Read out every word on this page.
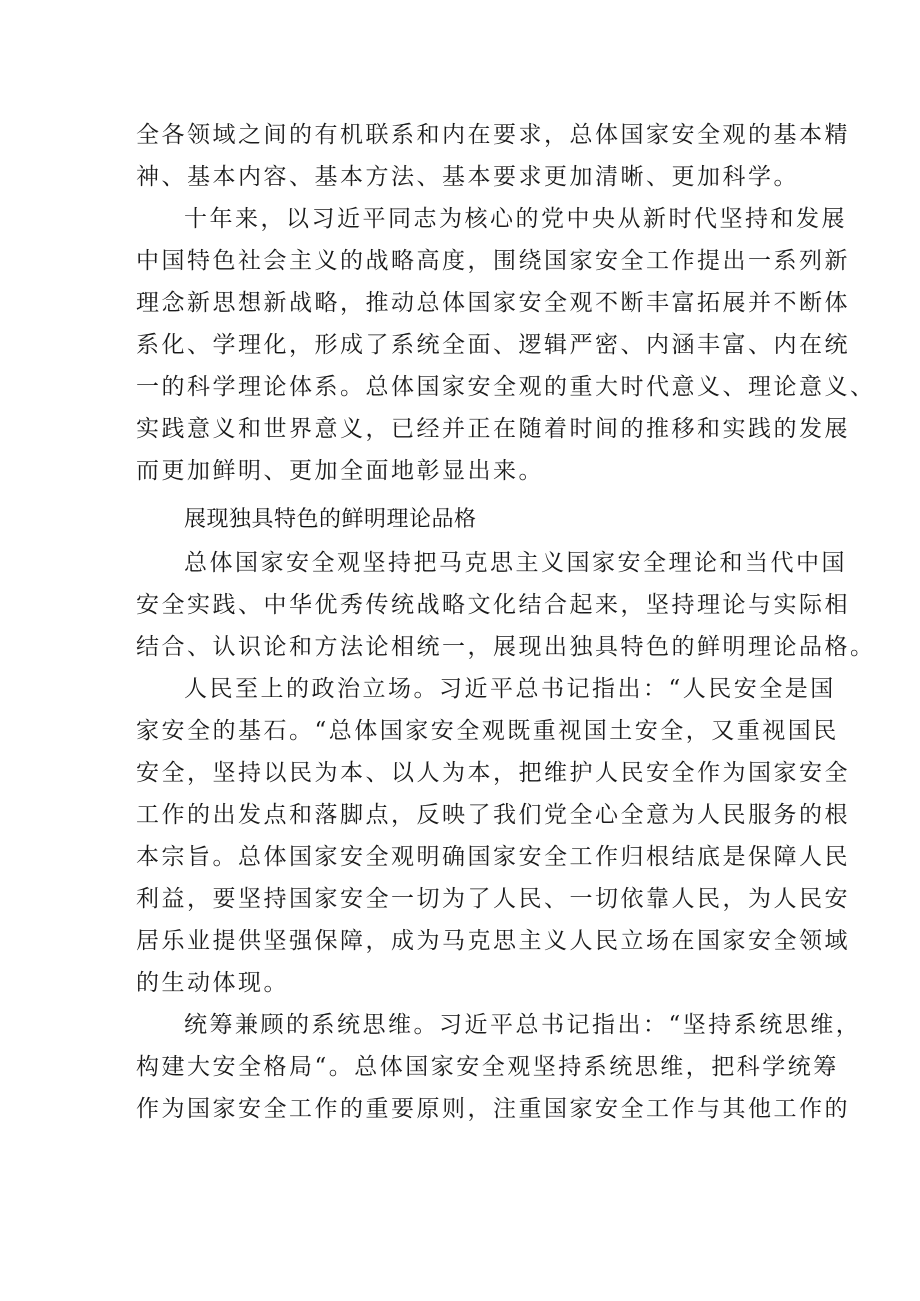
全各领域之间的有机联系和内在要求，总体国家安全观的基本精
神、基本内容、基本方法、基本要求更加清晰、更加科学。
十年来，以习近平同志为核心的党中央从新时代坚持和发展
中国特色社会主义的战略高度，围绕国家安全工作提出一系列新
理念新思想新战略，推动总体国家安全观不断丰富拓展并不断体
系化、学理化，形成了系统全面、逻辑严密、内涵丰富、内在统
一的科学理论体系。总体国家安全观的重大时代意义、理论意义、
实践意义和世界意义，已经并正在随着时间的推移和实践的发展
而更加鲜明、更加全面地彰显出来。
展现独具特色的鲜明理论品格
总体国家安全观坚持把马克思主义国家安全理论和当代中国
安全实践、中华优秀传统战略文化结合起来，坚持理论与实际相
结合、认识论和方法论相统一，展现出独具特色的鲜明理论品格。
人民至上的政治立场。习近平总书记指出：“人民安全是国
家安全的基石。“总体国家安全观既重视国土安全，又重视国民
安全，坚持以民为本、以人为本，把维护人民安全作为国家安全
工作的出发点和落脚点，反映了我们党全心全意为人民服务的根
本宗旨。总体国家安全观明确国家安全工作归根结底是保障人民
利益，要坚持国家安全一切为了人民、一切依靠人民，为人民安
居乐业提供坚强保障，成为马克思主义人民立场在国家安全领域
的生动体现。
统筹兼顾的系统思维。习近平总书记指出：“坚持系统思维，
构建大安全格局“。总体国家安全观坚持系统思维，把科学统筹
作为国家安全工作的重要原则，注重国家安全工作与其他工作的
